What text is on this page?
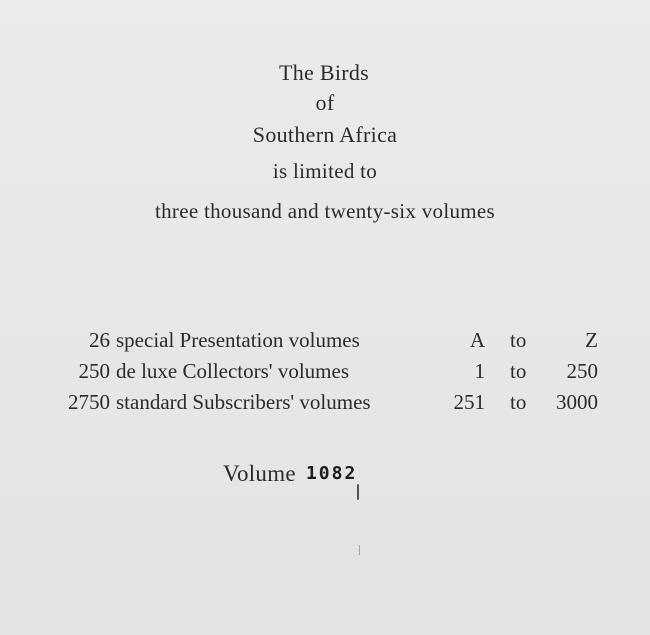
The Birds
of
Southern Africa
is limited to
three thousand and twenty-six volumes
26 special Presentation volumes	A to	Z
250 de luxe Collectors' volumes	1 to 250
2750 standard Subscribers' volumes	251 to 3000
Volume 1082
